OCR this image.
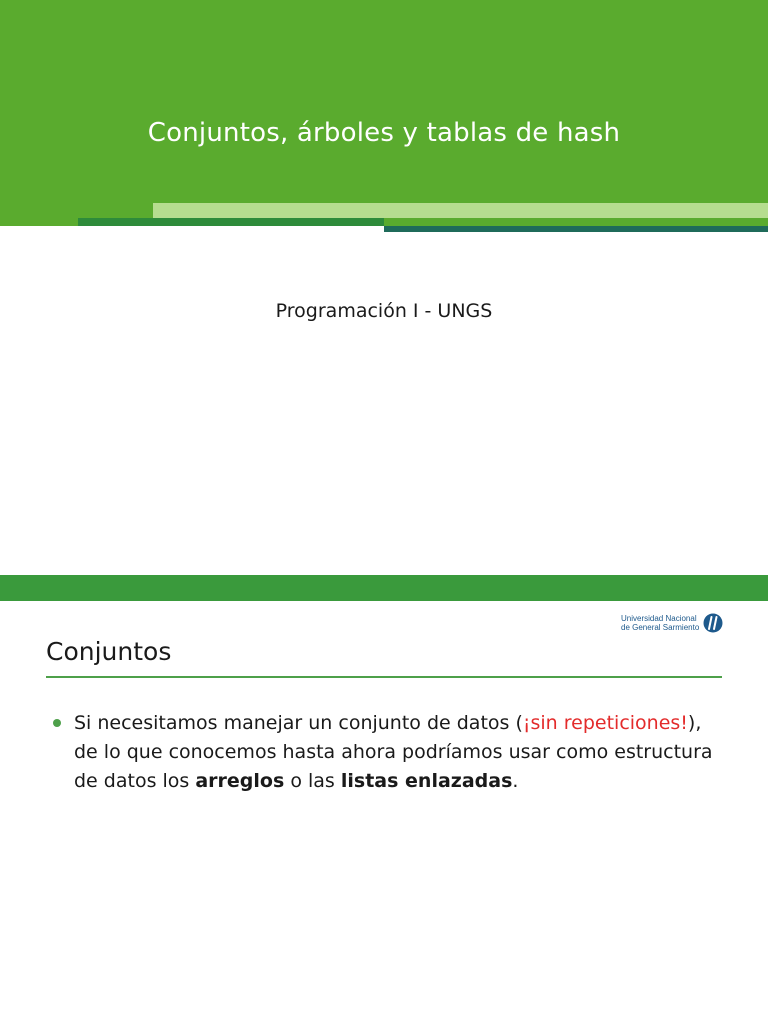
Conjuntos, árboles y tablas de hash
Programación I - UNGS
Universidad Nacional
de General Sarmiento
Conjuntos
Si necesitamos manejar un conjunto de datos (¡sin repeticiones!),
de lo que conocemos hasta ahora podríamos usar como estructura
de datos los arreglos o las listas enlazadas.
